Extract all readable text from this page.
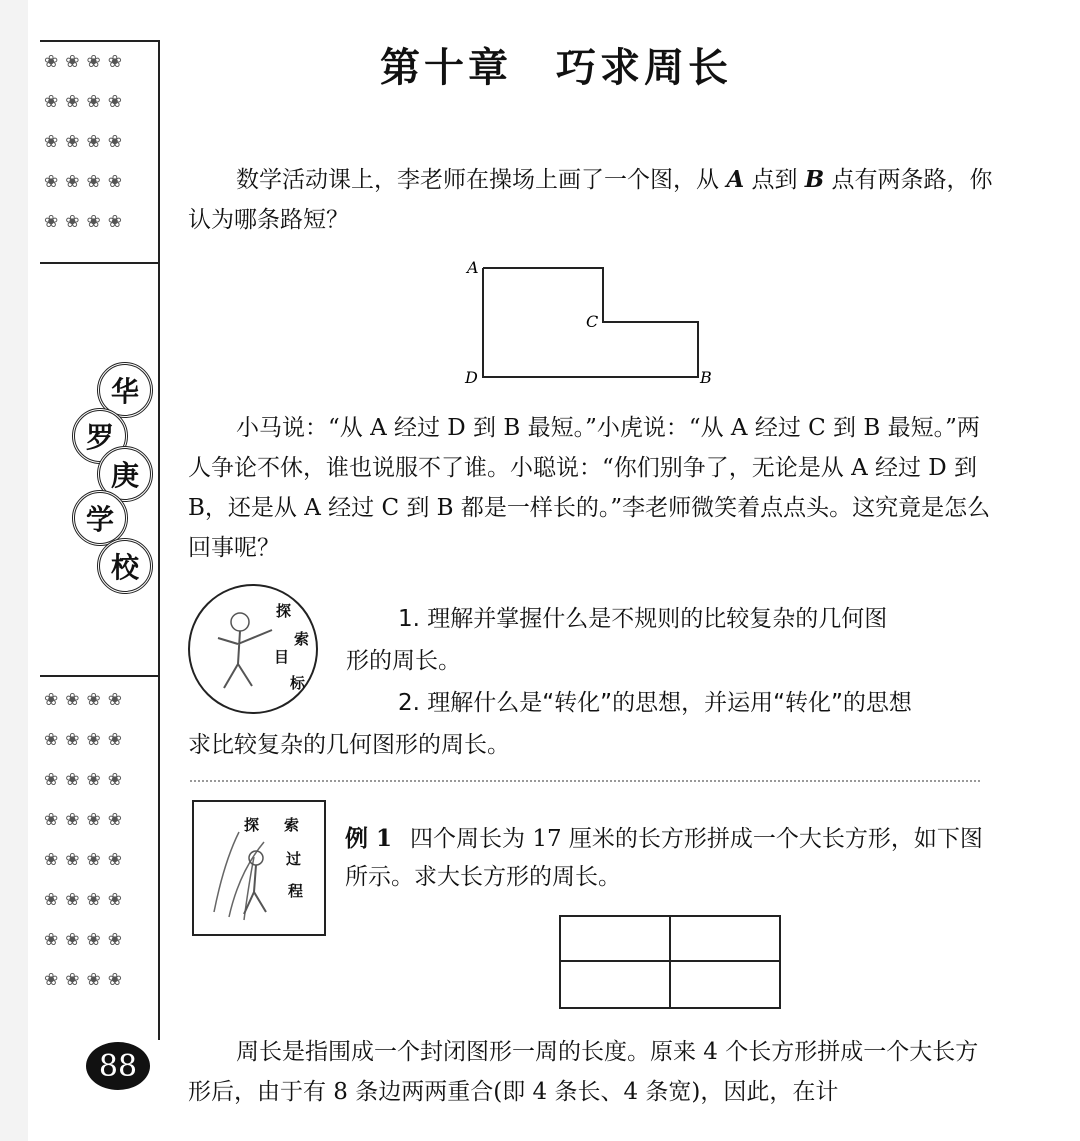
❀❀❀❀
❀❀❀❀
❀❀❀❀
❀❀❀❀
❀❀❀❀
华
罗
庚
学
校
❀❀❀❀
❀❀❀❀
❀❀❀❀
❀❀❀❀
❀❀❀❀
❀❀❀❀
❀❀❀❀
❀❀❀❀
88
第十章　巧求周长

数学活动课上，李老师在操场上画了一个图，从 A 点到 B 点有两条路，你认为哪条路短？

A
C
D	B

小马说：“从 A 经过 D 到 B 最短。”小虎说：“从 A 经过 C 到 B 最短。”两人争论不休，谁也说服不了谁。小聪说：“你们别争了，无论是从 A 经过 D 到 B，还是从 A 经过 C 到 B 都是一样长的。”李老师微笑着点点头。这究竟是怎么回事呢？

探
索
目
标
1. 理解并掌握什么是不规则的比较复杂的几何图
形的周长。
2. 理解什么是“转化”的思想，并运用“转化”的思想
求比较复杂的几何图形的周长。
探 索
过
程
例 1 四个周长为 17 厘米的长方形拼成一个大长方形，如下图所示。求大长方形的周长。

周长是指围成一个封闭图形一周的长度。原来 4 个长方形拼成一个大长方形后，由于有 8 条边两两重合(即 4 条长、4 条宽)，因此，在计
